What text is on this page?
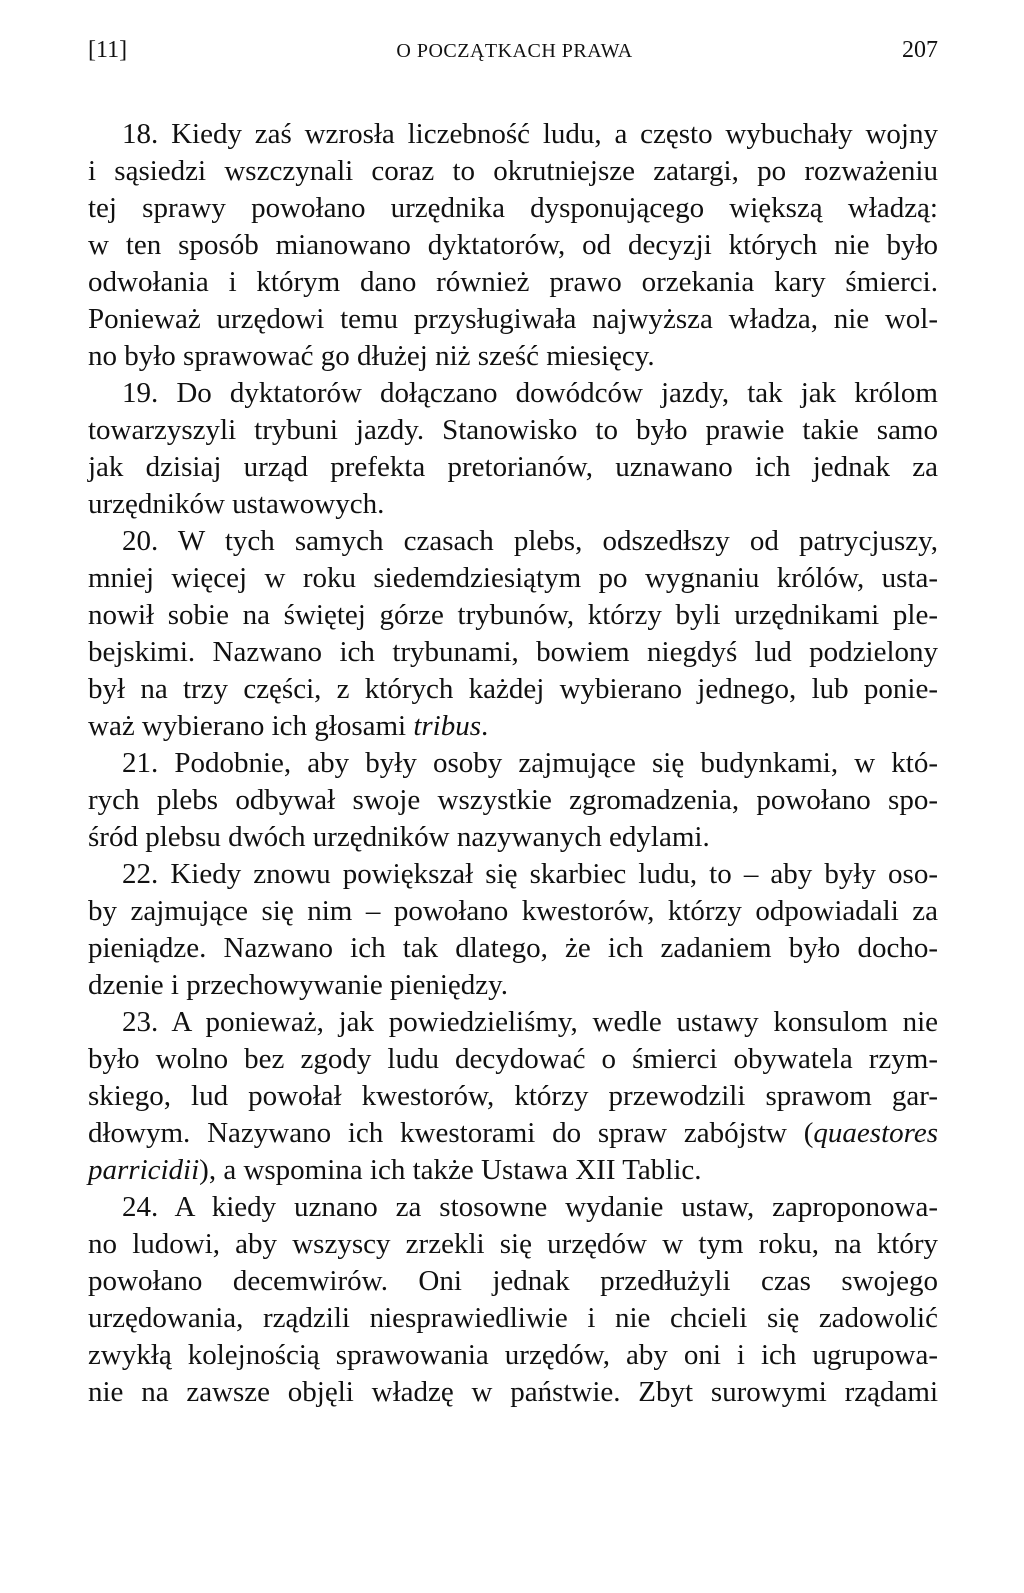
[11]	O POCZĄTKACH PRAWA	207

18. Kiedy zaś wzrosła liczebność ludu, a często wybuchały wojny
i sąsiedzi wszczynali coraz to okrutniejsze zatargi, po rozważeniu
tej sprawy powołano urzędnika dysponującego większą władzą:
w ten sposób mianowano dyktatorów, od decyzji których nie było
odwołania i którym dano również prawo orzekania kary śmierci.
Ponieważ urzędowi temu przysługiwała najwyższa władza, nie wol-
no było sprawować go dłużej niż sześć miesięcy.

19. Do dyktatorów dołączano dowódców jazdy, tak jak królom
towarzyszyli trybuni jazdy. Stanowisko to było prawie takie samo
jak dzisiaj urząd prefekta pretorianów, uznawano ich jednak za
urzędników ustawowych.

20. W tych samych czasach plebs, odszedłszy od patrycjuszy,
mniej więcej w roku siedemdziesiątym po wygnaniu królów, usta-
nowił sobie na świętej górze trybunów, którzy byli urzędnikami ple-
bejskimi. Nazwano ich trybunami, bowiem niegdyś lud podzielony
był na trzy części, z których każdej wybierano jednego, lub ponie-
waż wybierano ich głosami tribus.

21. Podobnie, aby były osoby zajmujące się budynkami, w któ-
rych plebs odbywał swoje wszystkie zgromadzenia, powołano spo-
śród plebsu dwóch urzędników nazywanych edylami.

22. Kiedy znowu powiększał się skarbiec ludu, to – aby były oso-
by zajmujące się nim – powołano kwestorów, którzy odpowiadali za
pieniądze. Nazwano ich tak dlatego, że ich zadaniem było docho-
dzenie i przechowywanie pieniędzy.

23. A ponieważ, jak powiedzieliśmy, wedle ustawy konsulom nie
było wolno bez zgody ludu decydować o śmierci obywatela rzym-
skiego, lud powołał kwestorów, którzy przewodzili sprawom gar-
dłowym. Nazywano ich kwestorami do spraw zabójstw (quaestores
parricidii), a wspomina ich także Ustawa XII Tablic.

24. A kiedy uznano za stosowne wydanie ustaw, zaproponowa-
no ludowi, aby wszyscy zrzekli się urzędów w tym roku, na który
powołano decemwirów. Oni jednak przedłużyli czas swojego
urzędowania, rządzili niesprawiedliwie i nie chcieli się zadowolić
zwykłą kolejnością sprawowania urzędów, aby oni i ich ugrupowa-
nie na zawsze objęli władzę w państwie. Zbyt surowymi rządami
